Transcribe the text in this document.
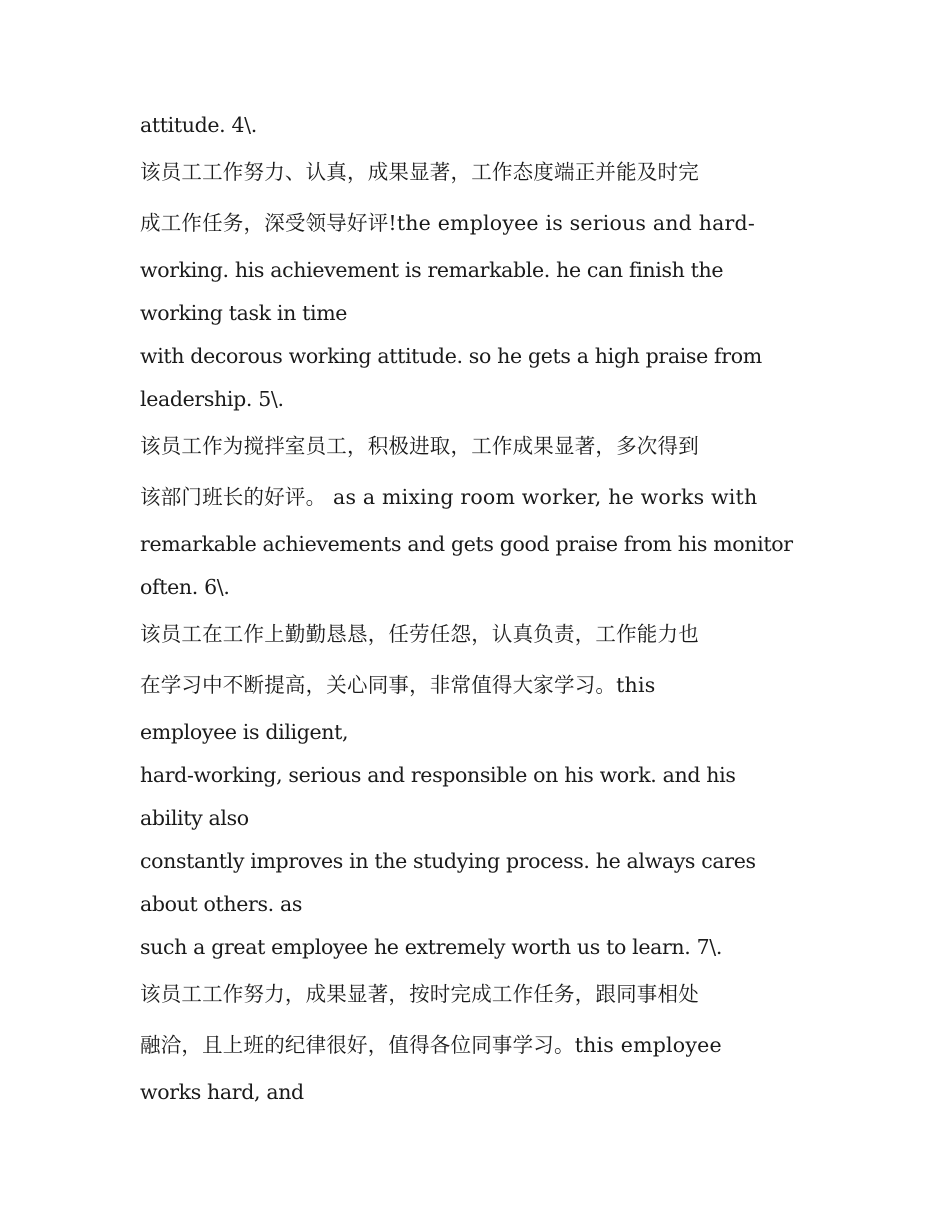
attitude. 4\.
该员工工作努力、认真，成果显著，工作态度端正并能及时完
成工作任务，深受领导好评!the employee is serious and hard-
working. his achievement is remarkable. he can finish the
working task in time
with decorous working attitude. so he gets a high praise from
leadership. 5\.
该员工作为搅拌室员工，积极进取，工作成果显著，多次得到
该部门班长的好评。 as a mixing room worker, he works with
remarkable achievements and gets good praise from his monitor
often. 6\.
该员工在工作上勤勤恳恳，任劳任怨，认真负责，工作能力也
在学习中不断提高，关心同事，非常值得大家学习。this
employee is diligent,
hard-working, serious and responsible on his work. and his
ability also
constantly improves in the studying process. he always cares
about others. as
such a great employee he extremely worth us to learn. 7\.
该员工工作努力，成果显著，按时完成工作任务，跟同事相处
融洽，且上班的纪律很好，值得各位同事学习。this employee
works hard, and
